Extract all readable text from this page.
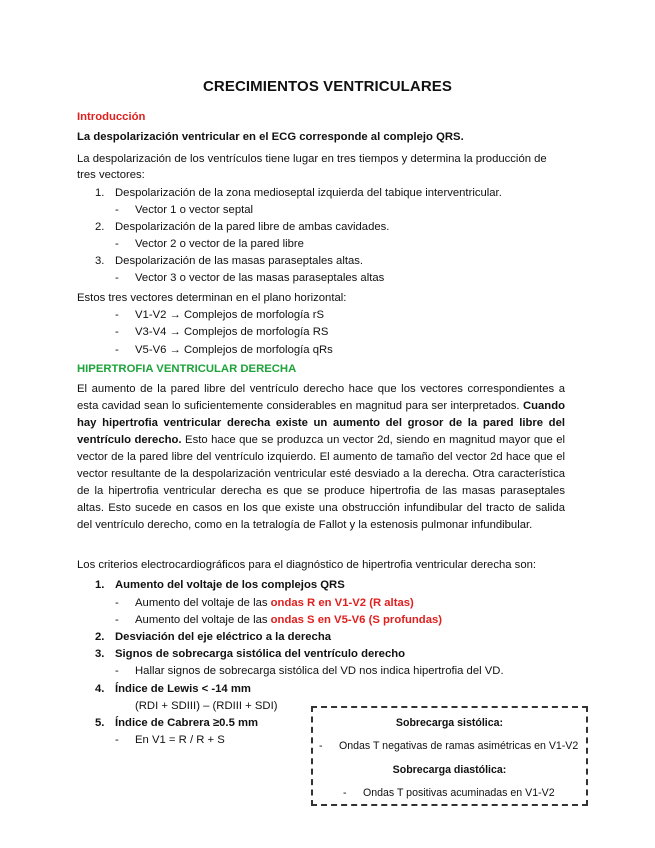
CRECIMIENTOS VENTRICULARES
Introducción
La despolarización ventricular en el ECG corresponde al complejo QRS.
La despolarización de los ventrículos tiene lugar en tres tiempos y determina la producción de
tres vectores:
1. Despolarización de la zona medioseptal izquierda del tabique interventricular.
- Vector 1 o vector septal
2. Despolarización de la pared libre de ambas cavidades.
- Vector 2 o vector de la pared libre
3. Despolarización de las masas paraseptales altas.
- Vector 3 o vector de las masas paraseptales altas
Estos tres vectores determinan en el plano horizontal:
- V1-V2 → Complejos de morfología rS
- V3-V4 → Complejos de morfología RS
- V5-V6 → Complejos de morfología qRs
HIPERTROFIA VENTRICULAR DERECHA
El aumento de la pared libre del ventrículo derecho hace que los vectores correspondientes a esta cavidad sean lo suficientemente considerables en magnitud para ser interpretados. Cuando hay hipertrofia ventricular derecha existe un aumento del grosor de la pared libre del ventrículo derecho. Esto hace que se produzca un vector 2d, siendo en magnitud mayor que el vector de la pared libre del ventrículo izquierdo. El aumento de tamaño del vector 2d hace que el vector resultante de la despolarización ventricular esté desviado a la derecha. Otra característica de la hipertrofia ventricular derecha es que se produce hipertrofia de las masas paraseptales altas. Esto sucede en casos en los que existe una obstrucción infundibular del tracto de salida del ventrículo derecho, como en la tetralogía de Fallot y la estenosis pulmonar infundibular.
Los criterios electrocardiográficos para el diagnóstico de hipertrofia ventricular derecha son:
1. Aumento del voltaje de los complejos QRS
- Aumento del voltaje de las ondas R en V1-V2 (R altas)
- Aumento del voltaje de las ondas S en V5-V6 (S profundas)
2. Desviación del eje eléctrico a la derecha
3. Signos de sobrecarga sistólica del ventrículo derecho
- Hallar signos de sobrecarga sistólica del VD nos indica hipertrofia del VD.
4. Índice de Lewis < -14 mm
(RDI + SDIII) – (RDIII + SDI)
5. Índice de Cabrera ≥0.5 mm
- En V1 = R / R + S
Sobrecarga sistólica:
- Ondas T negativas de ramas asimétricas en V1-V2
Sobrecarga diastólica:
- Ondas T positivas acuminadas en V1-V2
